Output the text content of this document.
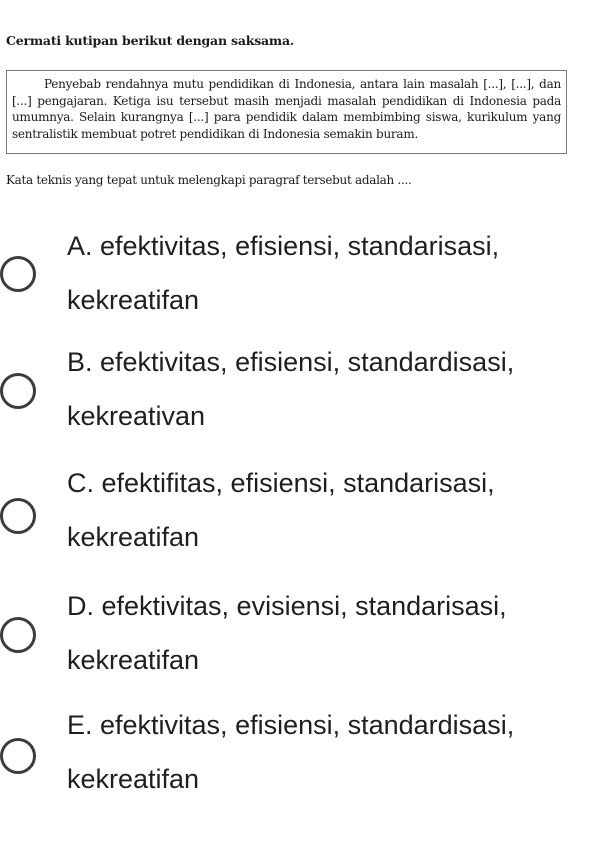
Cermati kutipan berikut dengan saksama.
Penyebab rendahnya mutu pendidikan di Indonesia, antara lain masalah [...], [...], dan [...] pengajaran. Ketiga isu tersebut masih menjadi masalah pendidikan di Indonesia pada umumnya. Selain kurangnya [...] para pendidik dalam membimbing siswa, kurikulum yang sentralistik membuat potret pendidikan di Indonesia semakin buram.
Kata teknis yang tepat untuk melengkapi paragraf tersebut adalah ....
A. efektivitas, efisiensi, standarisasi, kekreatifan
B. efektivitas, efisiensi, standardisasi, kekreativan
C. efektifitas, efisiensi, standarisasi, kekreatifan
D. efektivitas, evisiensi, standarisasi, kekreatifan
E. efektivitas, efisiensi, standardisasi, kekreatifan
